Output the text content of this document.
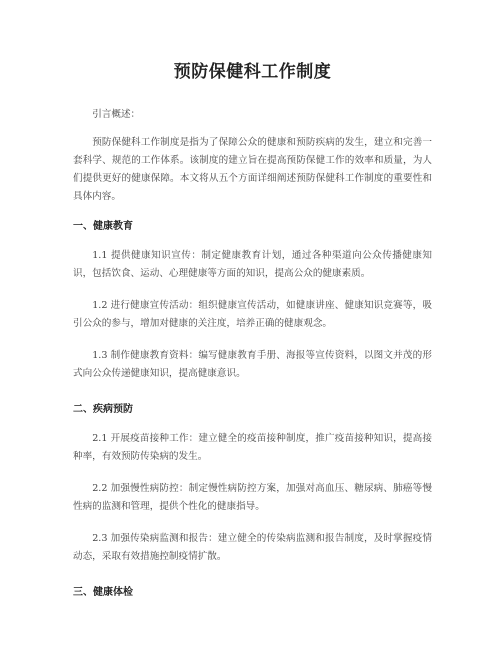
预防保健科工作制度

引言概述：

预防保健科工作制度是指为了保障公众的健康和预防疾病的发生，建立和完善一套科学、规范的工作体系。该制度的建立旨在提高预防保健工作的效率和质量，为人们提供更好的健康保障。本文将从五个方面详细阐述预防保健科工作制度的重要性和具体内容。

一、健康教育

1.1 提供健康知识宣传：制定健康教育计划，通过各种渠道向公众传播健康知识，包括饮食、运动、心理健康等方面的知识，提高公众的健康素质。

1.2 进行健康宣传活动：组织健康宣传活动，如健康讲座、健康知识竞赛等，吸引公众的参与，增加对健康的关注度，培养正确的健康观念。

1.3 制作健康教育资料：编写健康教育手册、海报等宣传资料，以图文并茂的形式向公众传递健康知识，提高健康意识。

二、疾病预防

2.1 开展疫苗接种工作：建立健全的疫苗接种制度，推广疫苗接种知识，提高接种率，有效预防传染病的发生。

2.2 加强慢性病防控：制定慢性病防控方案，加强对高血压、糖尿病、肺癌等慢性病的监测和管理，提供个性化的健康指导。

2.3 加强传染病监测和报告：建立健全的传染病监测和报告制度，及时掌握疫情动态，采取有效措施控制疫情扩散。

三、健康体检
